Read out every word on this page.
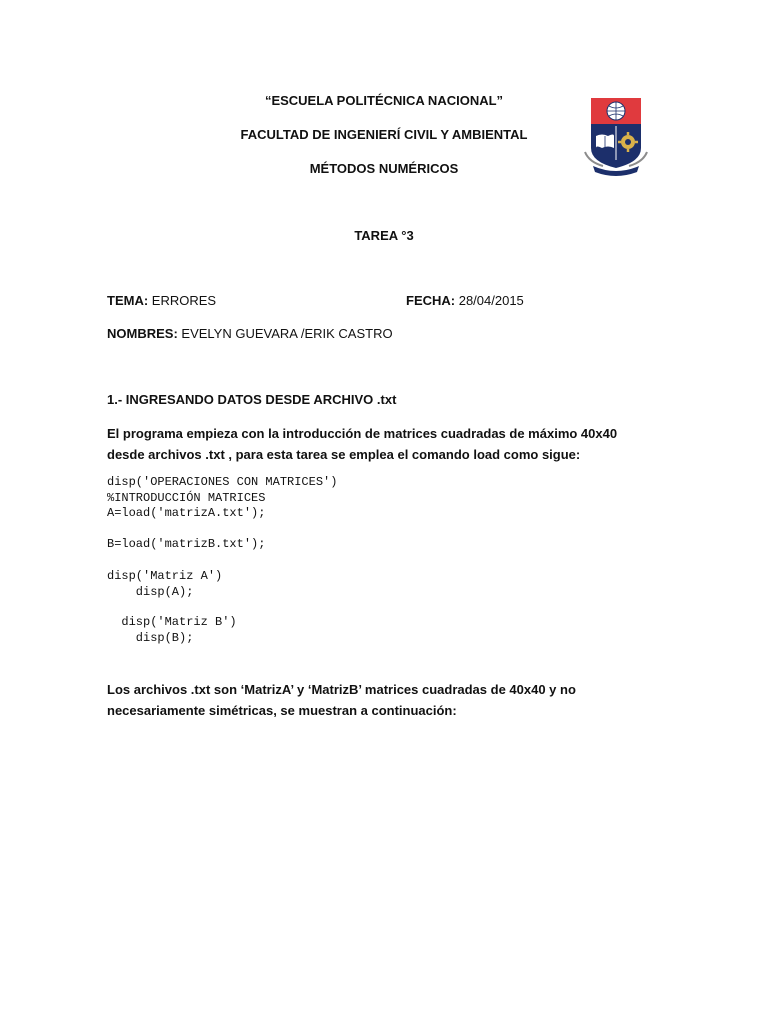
“ESCUELA POLITÉCNICA NACIONAL”
FACULTAD DE INGENIERÍ CIVIL Y AMBIENTAL
MÉTODOS NUMÉRICOS
TAREA °3
TEMA: ERRORES	FECHA: 28/04/2015
NOMBRES: EVELYN GUEVARA /ERIK CASTRO
1.- INGRESANDO DATOS DESDE ARCHIVO .txt
El programa empieza con la introducción de matrices cuadradas de máximo 40x40 desde archivos .txt , para esta tarea se emplea el comando load como sigue:
disp('OPERACIONES CON MATRICES')
%INTRODUCCIÓN MATRICES
A=load('matrizA.txt');
B=load('matrizB.txt');
disp('Matriz A')
disp(A);
disp('Matriz B')
disp(B);
Los archivos .txt son ‘MatrizA’ y ‘MatrizB’ matrices cuadradas de 40x40 y no necesariamente simétricas, se muestran a continuación:
